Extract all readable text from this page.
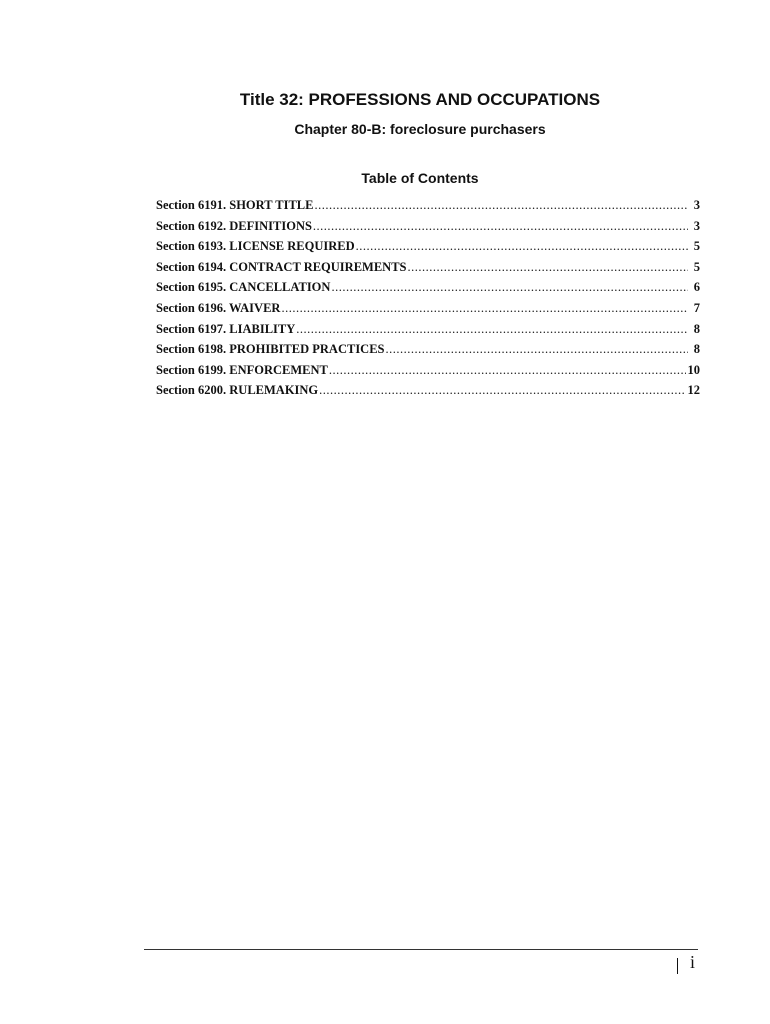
Title 32: PROFESSIONS AND OCCUPATIONS
Chapter 80-B: foreclosure purchasers
Table of Contents
Section 6191. SHORT TITLE .....	3
Section 6192. DEFINITIONS .....	3
Section 6193. LICENSE REQUIRED .....	5
Section 6194. CONTRACT REQUIREMENTS .....	5
Section 6195. CANCELLATION .....	6
Section 6196. WAIVER .....	7
Section 6197. LIABILITY .....	8
Section 6198. PROHIBITED PRACTICES .....	8
Section 6199. ENFORCEMENT .....	10
Section 6200. RULEMAKING .....	12
i
